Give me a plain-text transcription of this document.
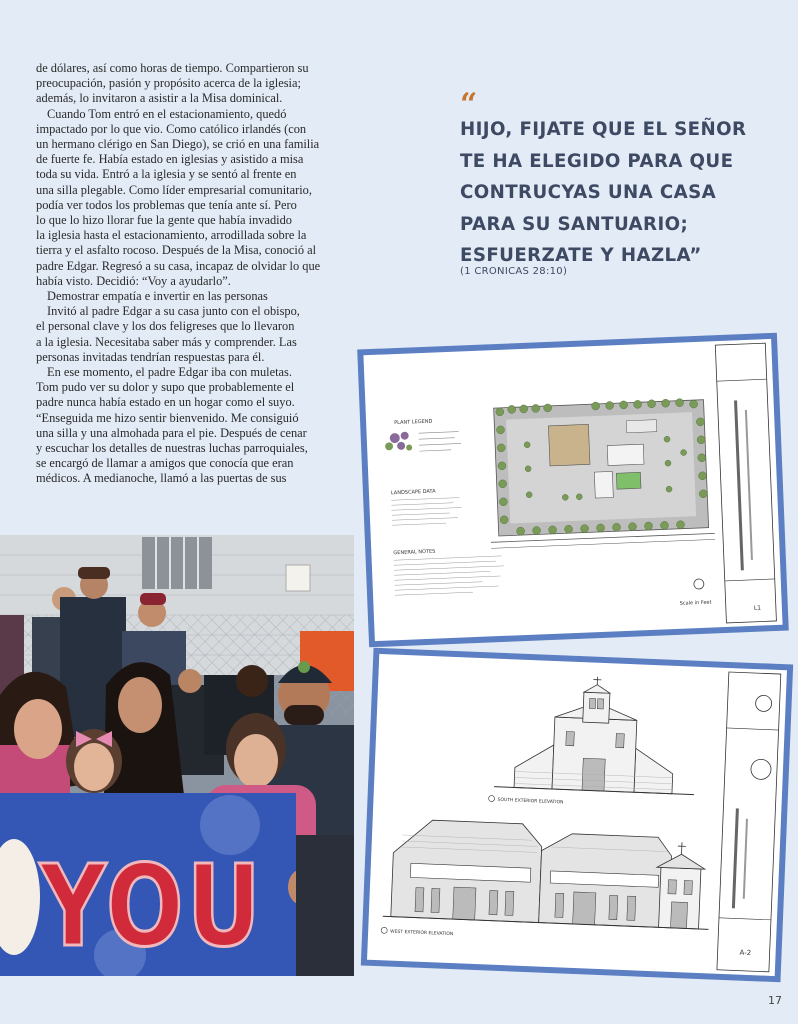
de dólares, así como horas de tiempo. Compartieron su

preocupación, pasión y propósito acerca de la iglesia;

además, lo invitaron a asistir a la Misa dominical.

Cuando Tom entró en el estacionamiento, quedó

impactado por lo que vio. Como católico irlandés (con

un hermano clérigo en San Diego), se crió en una familia

de fuerte fe. Había estado en iglesias y asistido a misa

toda su vida. Entró a la iglesia y se sentó al frente en

una silla plegable. Como líder empresarial comunitario,

podía ver todos los problemas que tenía ante sí. Pero

lo que lo hizo llorar fue la gente que había invadido

la iglesia hasta el estacionamiento, arrodillada sobre la

tierra y el asfalto rocoso. Después de la Misa, conoció al

padre Edgar. Regresó a su casa, incapaz de olvidar lo que

había visto. Decidió: “Voy a ayudarlo”.

Demostrar empatía e invertir en las personas

Invitó al padre Edgar a su casa junto con el obispo,

el personal clave y los dos feligreses que lo llevaron

a la iglesia. Necesitaba saber más y comprender. Las

personas invitadas tendrían respuestas para él.

En ese momento, el padre Edgar iba con muletas.

Tom pudo ver su dolor y supo que probablemente el

padre nunca había estado en un hogar como el suyo.

“Enseguida me hizo sentir bienvenido. Me consiguió

una silla y una almohada para el pie. Después de cenar

y escuchar los detalles de nuestras luchas parroquiales,

se encargó de llamar a amigos que conocía que eran

médicos. A medianoche, llamó a las puertas de sus

“
HIJO, FIJATE QUE EL SEÑOR
TE HA ELEGIDO PARA QUE
CONTRUCYAS UNA CASA
PARA SU SANTUARIO;
ESFUERZATE Y HAZLA”
(1 CRONICAS 28:10)
L1
PLANT LEGEND
LANDSCAPE DATA
GENERAL NOTES
Scale in Feet
A-2
SOUTH EXTERIOR ELEVATION
WEST EXTERIOR ELEVATION
YOU
17
